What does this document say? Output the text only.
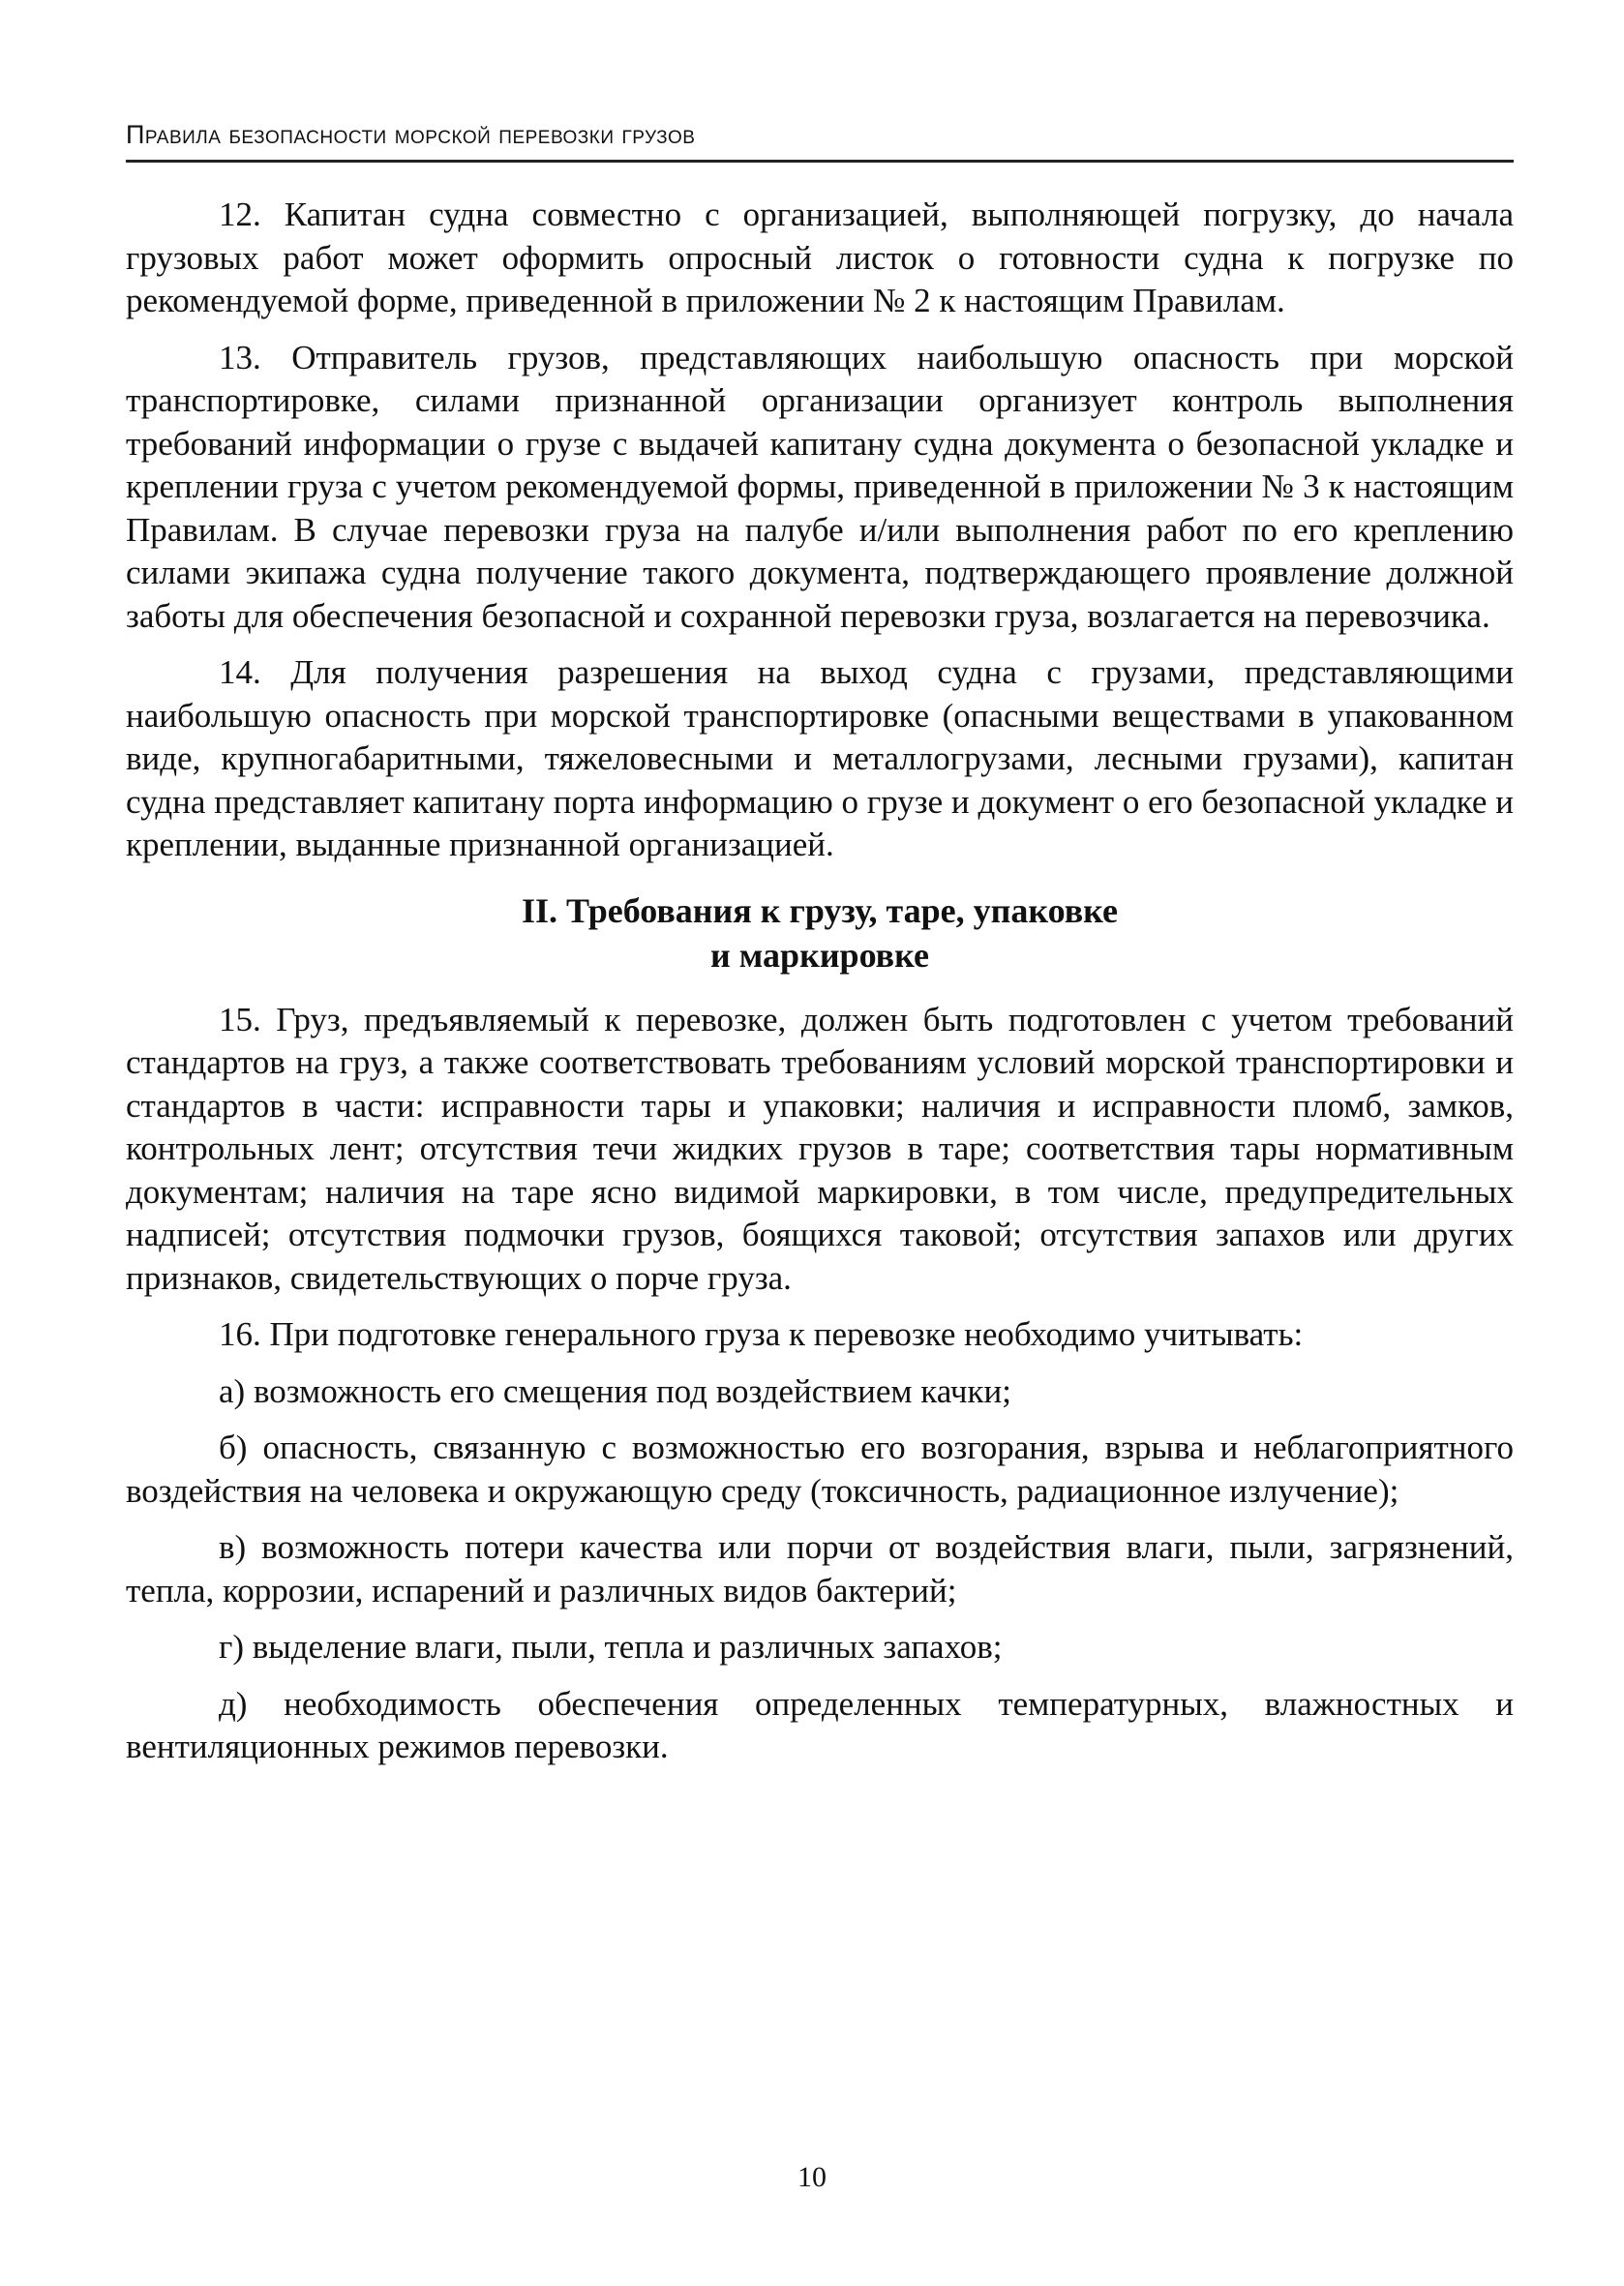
Правила безопасности морской перевозки грузов

12. Капитан судна совместно с организацией, выполняющей погрузку, до начала грузовых работ может оформить опросный листок о готовности судна к погрузке по рекомендуемой форме, приведенной в приложении № 2 к настоящим Правилам.

13. Отправитель грузов, представляющих наибольшую опасность при морской транспортировке, силами признанной организации организует контроль выполнения требований информации о грузе с выдачей капитану судна документа о безопасной укладке и креплении груза с учетом рекомендуемой формы, приведенной в приложении № 3 к настоящим Правилам. В случае перевозки груза на палубе и/или выполнения работ по его креплению силами экипажа судна получение такого документа, подтверждающего проявление должной заботы для обеспечения безопасной и сохранной перевозки груза, возлагается на перевозчика.

14. Для получения разрешения на выход судна с грузами, представляющими наибольшую опасность при морской транспортировке (опасными веществами в упакованном виде, крупногабаритными, тяжеловесными и металлогрузами, лесными грузами), капитан судна представляет капитану порта информацию о грузе и документ о его безопасной укладке и креплении, выданные признанной организацией.

II. Требования к грузу, таре, упаковке
и маркировке

15. Груз, предъявляемый к перевозке, должен быть подготовлен с учетом требований стандартов на груз, а также соответствовать требованиям условий морской транспортировки и стандартов в части: исправности тары и упаковки; наличия и исправности пломб, замков, контрольных лент; отсутствия течи жидких грузов в таре; соответствия тары нормативным документам; наличия на таре ясно видимой маркировки, в том числе, предупредительных надписей; отсутствия подмочки грузов, боящихся таковой; отсутствия запахов или других признаков, свидетельствующих о порче груза.

16. При подготовке генерального груза к перевозке необходимо учитывать:

а) возможность его смещения под воздействием качки;

б) опасность, связанную с возможностью его возгорания, взрыва и неблагоприятного воздействия на человека и окружающую среду (токсичность, радиационное излучение);

в) возможность потери качества или порчи от воздействия влаги, пыли, загрязнений, тепла, коррозии, испарений и различных видов бактерий;

г) выделение влаги, пыли, тепла и различных запахов;

д) необходимость обеспечения определенных температурных, влажностных и вентиляционных режимов перевозки.

10
